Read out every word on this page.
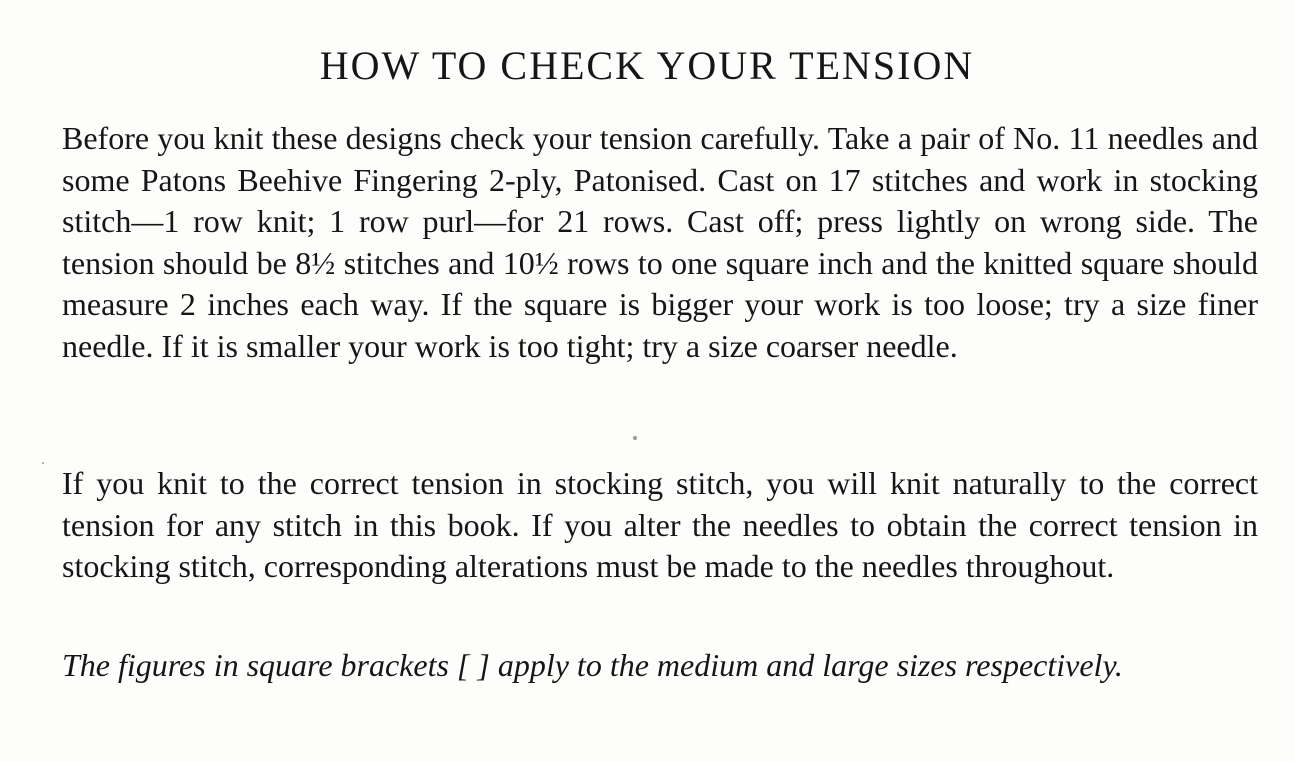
HOW TO CHECK YOUR TENSION

Before you knit these designs check your tension carefully. Take a pair of No. 11 needles and some Patons Beehive Fingering 2-ply, Patonised. Cast on 17 stitches and work in stocking stitch—1 row knit; 1 row purl—for 21 rows. Cast off; press lightly on wrong side. The tension should be 8½ stitches and 10½ rows to one square inch and the knitted square should measure 2 inches each way. If the square is bigger your work is too loose; try a size finer needle. If it is smaller your work is too tight; try a size coarser needle.

If you knit to the correct tension in stocking stitch, you will knit naturally to the correct tension for any stitch in this book. If you alter the needles to obtain the correct tension in stocking stitch, corresponding alterations must be made to the needles throughout.

The figures in square brackets [ ] apply to the medium and large sizes respectively.
